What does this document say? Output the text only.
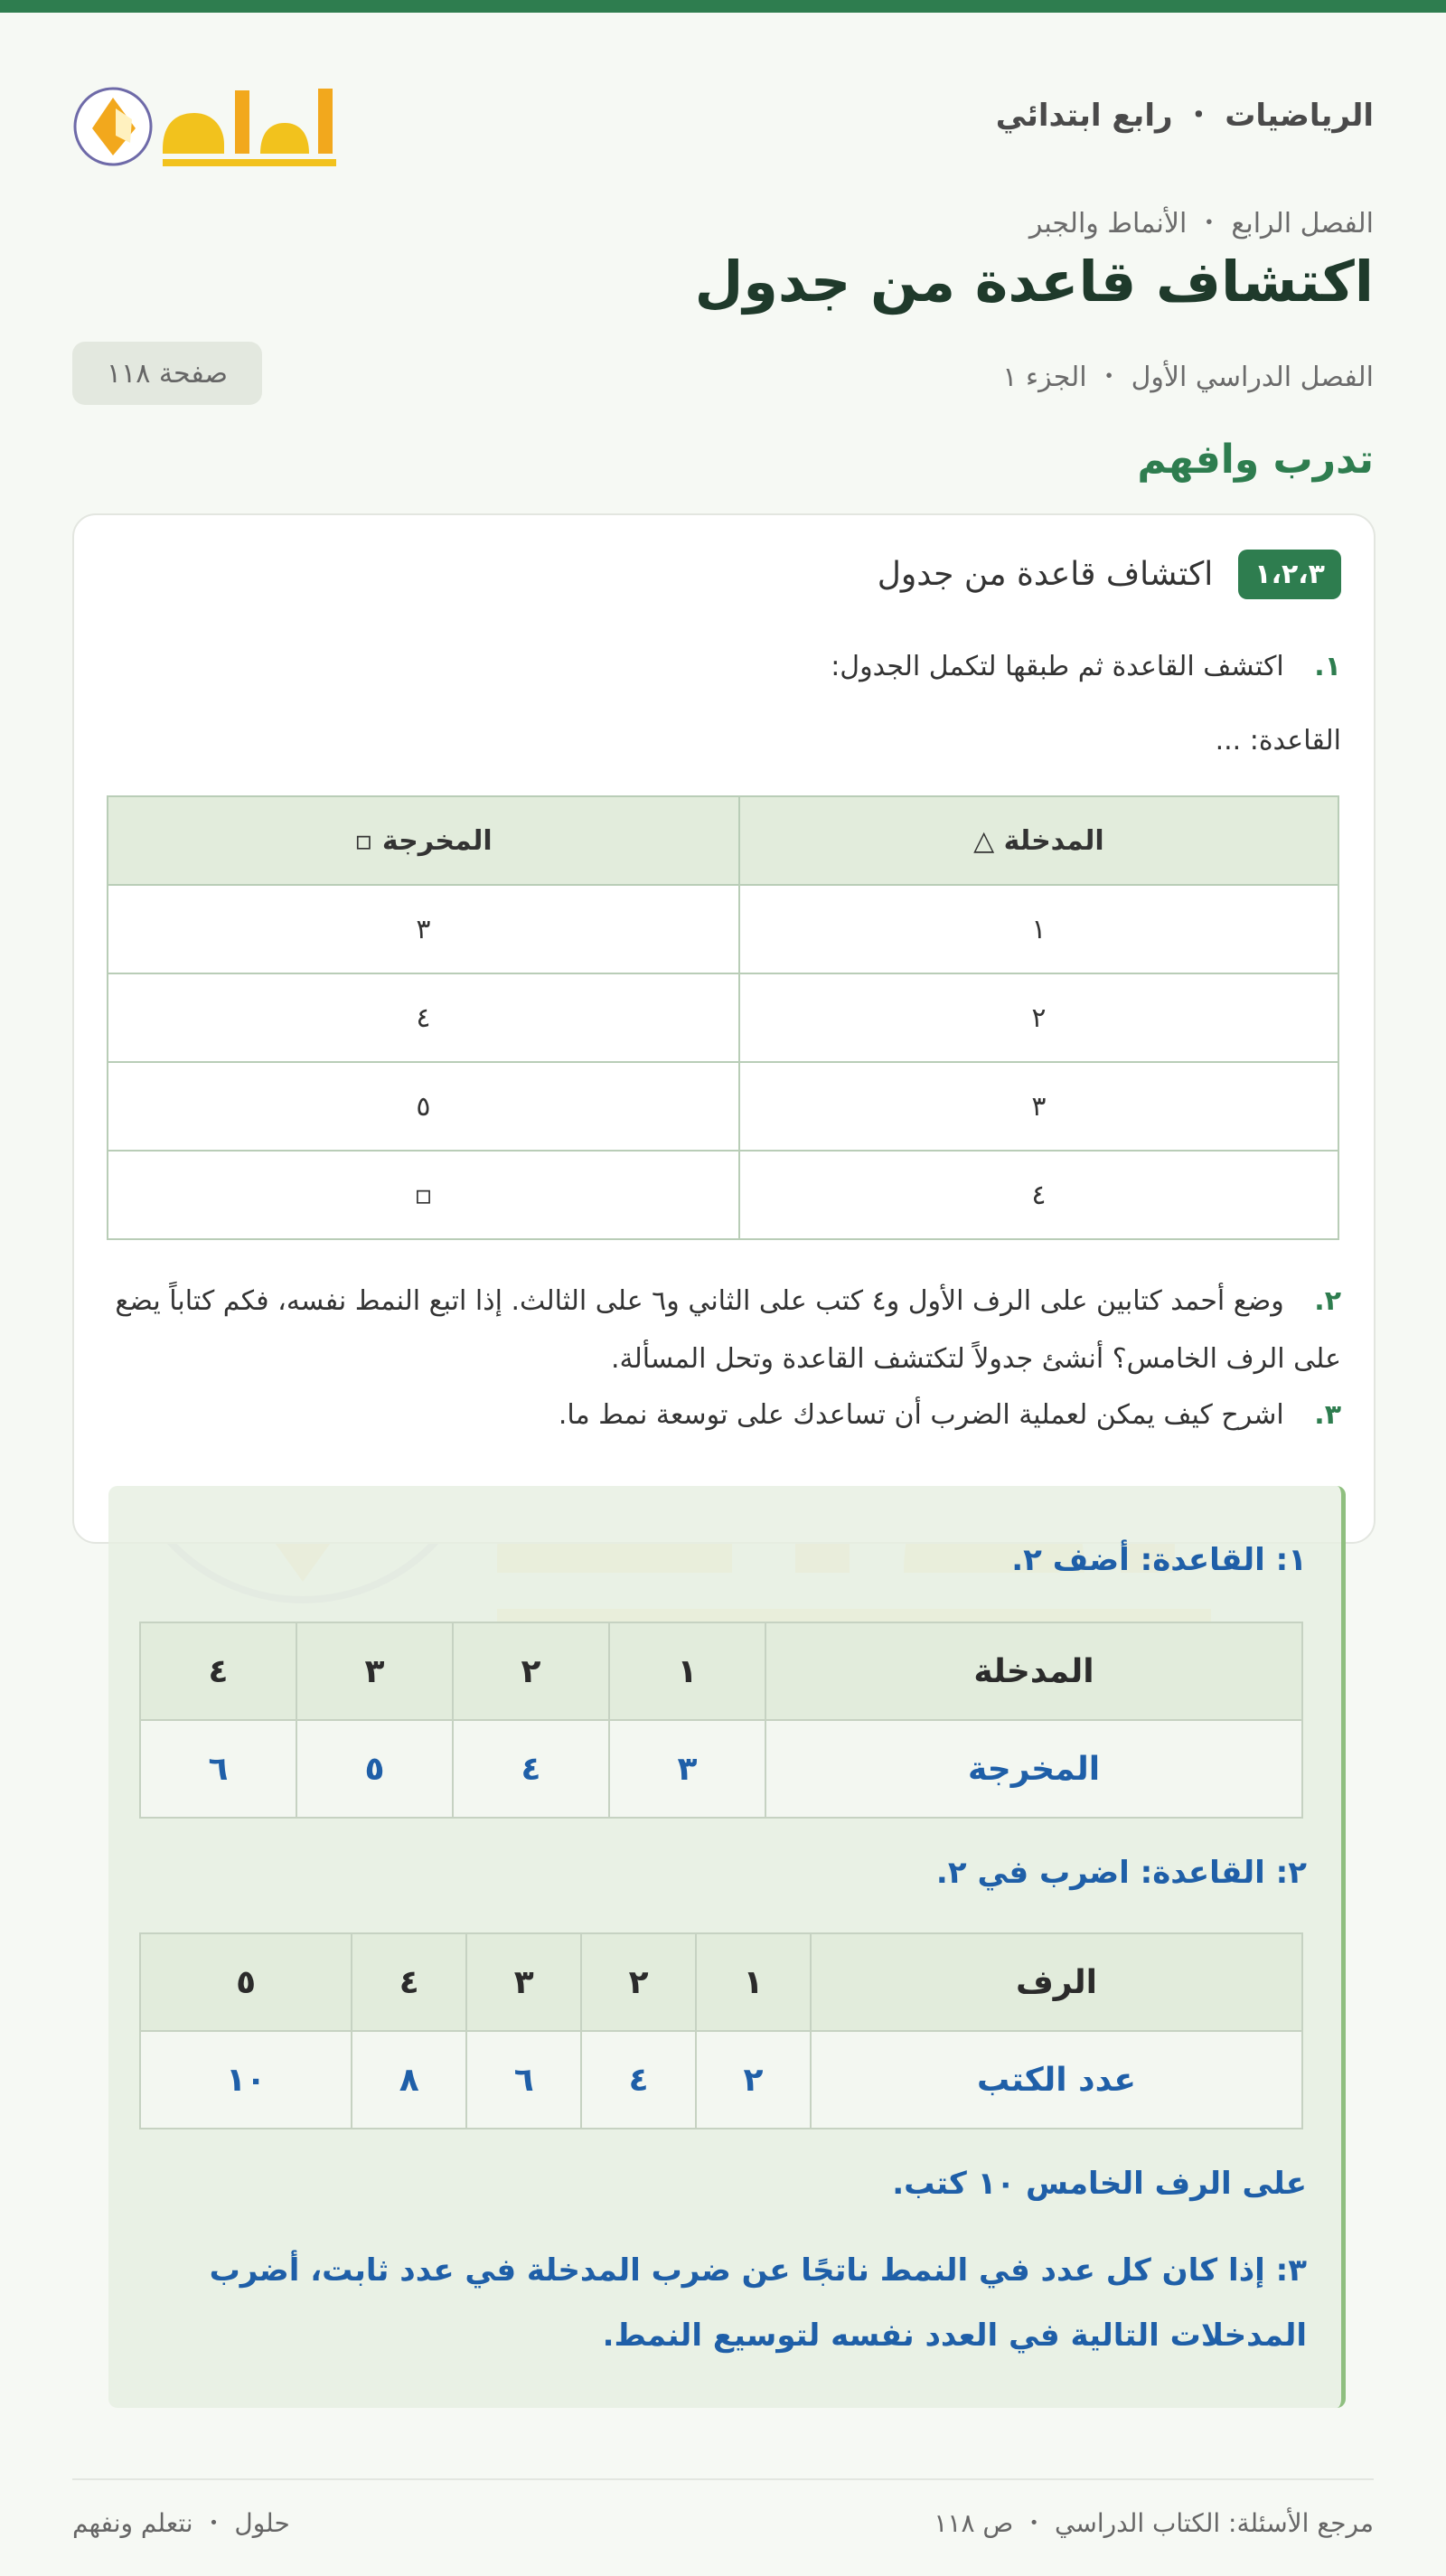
الرياضيات ・ رابع ابتدائي
الفصل الرابع ・ الأنماط والجبر
اكتشاف قاعدة من جدول
الفصل الدراسي الأول ・ الجزء ١
صفحة ١١٨
تدرب وافهم
١،٢،٣
اكتشاف قاعدة من جدول
١. اكتشف القاعدة ثم طبقها لتكمل الجدول:
القاعدة: ...
المدخلة △	المخرجة ▫
١	٣
٢	٤
٣	٥
٤	▫
٢. وضع أحمد كتابين على الرف الأول و٤ كتب على الثاني و٦ على الثالث. إذا اتبع النمط نفسه، فكم كتاباً يضع على الرف الخامس؟ أنشئ جدولاً لتكتشف القاعدة وتحل المسألة.
٣. اشرح كيف يمكن لعملية الضرب أن تساعدك على توسعة نمط ما.
١: القاعدة: أضف ٢.
المدخلة	١	٢	٣	٤
المخرجة	٣	٤	٥	٦
٢: القاعدة: اضرب في ٢.
الرف	١	٢	٣	٤	٥
عدد الكتب	٢	٤	٦	٨	١٠
على الرف الخامس ١٠ كتب.
٣: إذا كان كل عدد في النمط ناتجًا عن ضرب المدخلة في عدد ثابت، أضرب المدخلات التالية في العدد نفسه لتوسيع النمط.
مرجع الأسئلة: الكتاب الدراسي ・ ص ١١٨
حلول ・ نتعلم ونفهم
